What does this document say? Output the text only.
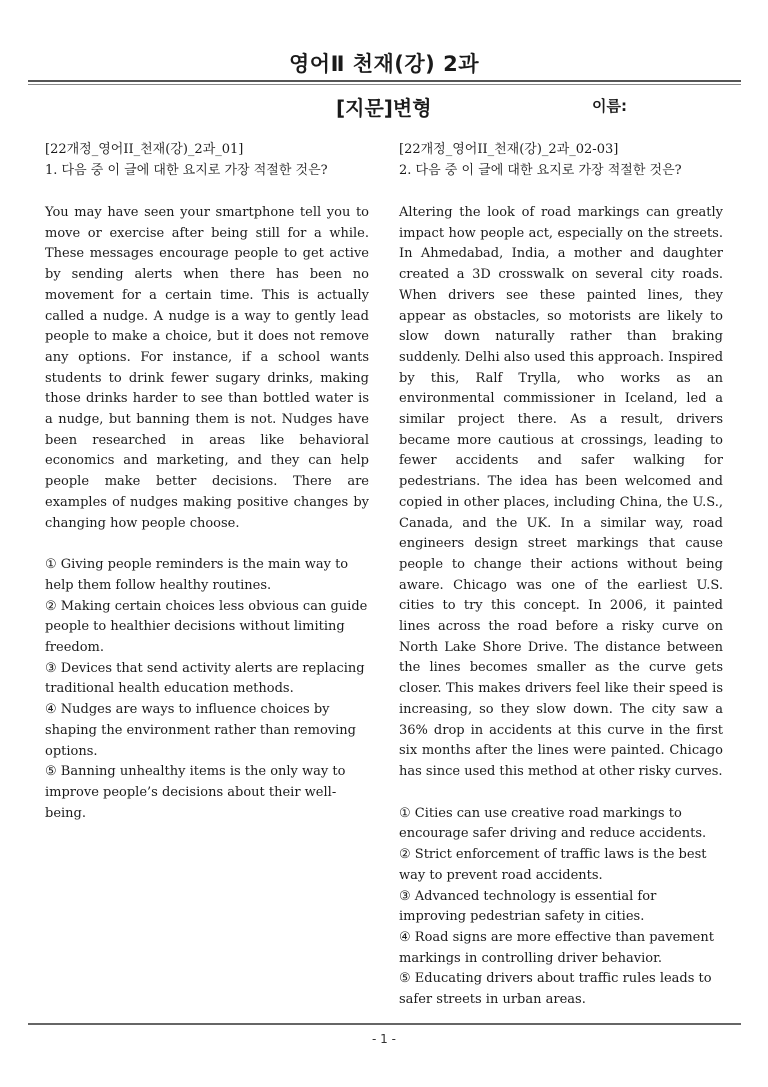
영어Ⅱ 천재(강) 2과
[지문]변형	이름:
[22개정_영어II_천재(강)_2과_01]
1. 다음 중 이 글에 대한 요지로 가장 적절한 것은?
You may have seen your smartphone tell you to move or exercise after being still for a while. These messages encourage people to get active by sending alerts when there has been no movement for a certain time. This is actually called a nudge. A nudge is a way to gently lead people to make a choice, but it does not remove any options. For instance, if a school wants students to drink fewer sugary drinks, making those drinks harder to see than bottled water is a nudge, but banning them is not. Nudges have been researched in areas like behavioral economics and marketing, and they can help people make better decisions. There are examples of nudges making positive changes by changing how people choose.
① Giving people reminders is the main way to help them follow healthy routines.
② Making certain choices less obvious can guide people to healthier decisions without limiting freedom.
③ Devices that send activity alerts are replacing traditional health education methods.
④ Nudges are ways to influence choices by shaping the environment rather than removing options.
⑤ Banning unhealthy items is the only way to improve people’s decisions about their well-being.
[22개정_영어II_천재(강)_2과_02-03]
2. 다음 중 이 글에 대한 요지로 가장 적절한 것은?
Altering the look of road markings can greatly impact how people act, especially on the streets. In Ahmedabad, India, a mother and daughter created a 3D crosswalk on several city roads. When drivers see these painted lines, they appear as obstacles, so motorists are likely to slow down naturally rather than braking suddenly. Delhi also used this approach. Inspired by this, Ralf Trylla, who works as an environmental commissioner in Iceland, led a similar project there. As a result, drivers became more cautious at crossings, leading to fewer accidents and safer walking for pedestrians. The idea has been welcomed and copied in other places, including China, the U.S., Canada, and the UK. In a similar way, road engineers design street markings that cause people to change their actions without being aware. Chicago was one of the earliest U.S. cities to try this concept. In 2006, it painted lines across the road before a risky curve on North Lake Shore Drive. The distance between the lines becomes smaller as the curve gets closer. This makes drivers feel like their speed is increasing, so they slow down. The city saw a 36% drop in accidents at this curve in the first six months after the lines were painted. Chicago has since used this method at other risky curves.
① Cities can use creative road markings to encourage safer driving and reduce accidents.
② Strict enforcement of traffic laws is the best way to prevent road accidents.
③ Advanced technology is essential for improving pedestrian safety in cities.
④ Road signs are more effective than pavement markings in controlling driver behavior.
⑤ Educating drivers about traffic rules leads to safer streets in urban areas.
- 1 -
